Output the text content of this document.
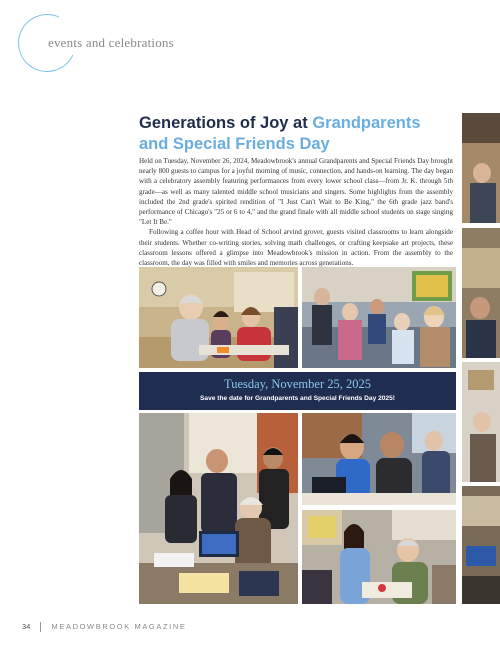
events and celebrations
Generations of Joy at Grandparents and Special Friends Day

Held on Tuesday, November 26, 2024, Meadowbrook's annual Grandparents and Special Friends Day brought nearly 800 guests to campus for a joyful morning of music, connection, and hands-on learning. The day began with a celebratory assembly featuring performances from every lower school class—from Jr. K. through 5th grade—as well as many talented middle school musicians and singers. Some highlights from the assembly included the 2nd grade's spirited rendition of "I Just Can't Wait to Be King," the 6th grade jazz band's performance of Chicago's "25 or 6 to 4," and the grand finale with all middle school students on stage singing "Let It Be."

Following a coffee hour with Head of School arvind grover, guests visited classrooms to learn alongside their students. Whether co-writing stories, solving math challenges, or crafting keepsake art projects, these classroom lessons offered a glimpse into Meadowbrook's mission in action. From the assembly to the classroom, the day was filled with smiles and memories across generations.

Tuesday, November 25, 2025
Save the date for Grandparents and Special Friends Day 2025!
34	MEADOWBROOK MAGAZINE
